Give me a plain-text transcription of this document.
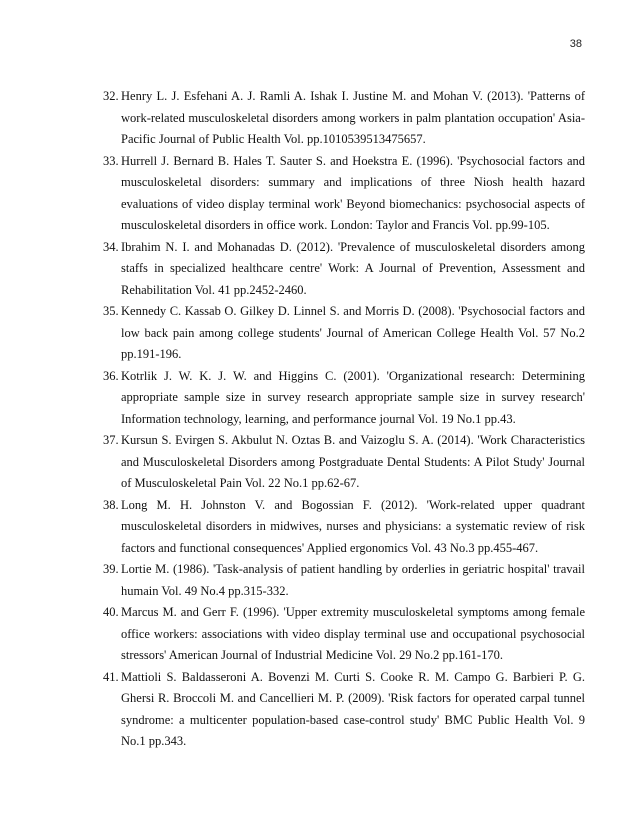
38
32. Henry L. J. Esfehani A. J. Ramli A. Ishak I. Justine M. and Mohan V. (2013). 'Patterns of work-related musculoskeletal disorders among workers in palm plantation occupation' Asia-Pacific Journal of Public Health Vol. pp.1010539513475657.
33. Hurrell J. Bernard B. Hales T. Sauter S. and Hoekstra E. (1996). 'Psychosocial factors and musculoskeletal disorders: summary and implications of three Niosh health hazard evaluations of video display terminal work' Beyond biomechanics: psychosocial aspects of musculoskeletal disorders in office work. London: Taylor and Francis Vol. pp.99-105.
34. Ibrahim N. I. and Mohanadas D. (2012). 'Prevalence of musculoskeletal disorders among staffs in specialized healthcare centre' Work: A Journal of Prevention, Assessment and Rehabilitation Vol. 41 pp.2452-2460.
35. Kennedy C. Kassab O. Gilkey D. Linnel S. and Morris D. (2008). 'Psychosocial factors and low back pain among college students' Journal of American College Health Vol. 57 No.2 pp.191-196.
36. Kotrlik J. W. K. J. W. and Higgins C. (2001). 'Organizational research: Determining appropriate sample size in survey research appropriate sample size in survey research' Information technology, learning, and performance journal Vol. 19 No.1 pp.43.
37. Kursun S. Evirgen S. Akbulut N. Oztas B. and Vaizoglu S. A. (2014). 'Work Characteristics and Musculoskeletal Disorders among Postgraduate Dental Students: A Pilot Study' Journal of Musculoskeletal Pain Vol. 22 No.1 pp.62-67.
38. Long M. H. Johnston V. and Bogossian F. (2012). 'Work-related upper quadrant musculoskeletal disorders in midwives, nurses and physicians: a systematic review of risk factors and functional consequences' Applied ergonomics Vol. 43 No.3 pp.455-467.
39. Lortie M. (1986). 'Task-analysis of patient handling by orderlies in geriatric hospital' travail humain Vol. 49 No.4 pp.315-332.
40. Marcus M. and Gerr F. (1996). 'Upper extremity musculoskeletal symptoms among female office workers: associations with video display terminal use and occupational psychosocial stressors' American Journal of Industrial Medicine Vol. 29 No.2 pp.161-170.
41. Mattioli S. Baldasseroni A. Bovenzi M. Curti S. Cooke R. M. Campo G. Barbieri P. G. Ghersi R. Broccoli M. and Cancellieri M. P. (2009). 'Risk factors for operated carpal tunnel syndrome: a multicenter population-based case-control study' BMC Public Health Vol. 9 No.1 pp.343.
